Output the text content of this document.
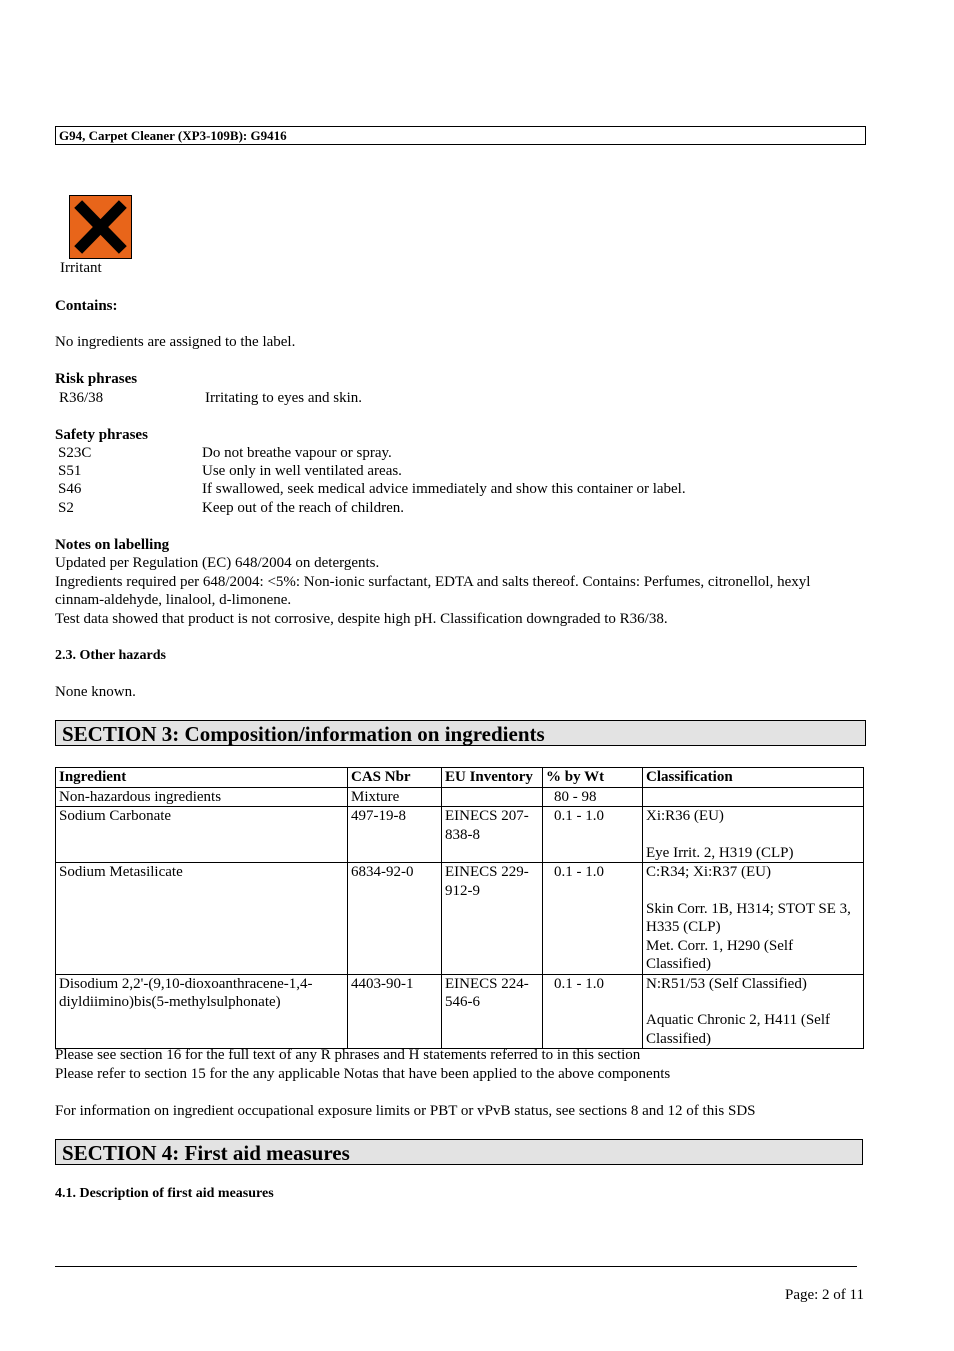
G94, Carpet Cleaner (XP3-109B): G9416
Irritant
Contains:
No ingredients are assigned to the label.
Risk phrases
R36/38	Irritating to eyes and skin.
Safety phrases
S23C	Do not breathe vapour or spray.
S51	Use only in well ventilated areas.
S46	If swallowed, seek medical advice immediately and show this container or label.
S2	Keep out of the reach of children.
Notes on labelling
Updated per Regulation (EC) 648/2004 on detergents.
Ingredients required per 648/2004: <5%: Non-ionic surfactant, EDTA and salts thereof. Contains: Perfumes, citronellol, hexyl
cinnam-aldehyde, linalool, d-limonene.
Test data showed that product is not corrosive, despite high pH. Classification downgraded to R36/38.
2.3. Other hazards
None known.
SECTION 3: Composition/information on ingredients
Ingredient	CAS Nbr	EU Inventory	% by Wt	Classification
Non-hazardous ingredients	Mixture		80 - 98	
Sodium Carbonate	497-19-8	EINECS 207-838-8	0.1 - 1.0	Xi:R36 (EU)
Eye Irrit. 2, H319 (CLP)

Sodium Metasilicate	6834-92-0	EINECS 229-912-9	0.1 - 1.0	C:R34; Xi:R37 (EU)
Skin Corr. 1B, H314; STOT SE 3, H335 (CLP)
Met. Corr. 1, H290 (Self Classified)

Disodium 2,2'-(9,10-dioxoanthracene-1,4-diyldiimino)bis(5-methylsulphonate)	4403-90-1	EINECS 224-546-6	0.1 - 1.0	N:R51/53 (Self Classified)
Aquatic Chronic 2, H411 (Self Classified)
Please see section 16 for the full text of any R phrases and H statements referred to in this section
Please refer to section 15 for the any applicable Notas that have been applied to the above components
For information on ingredient occupational exposure limits or PBT or vPvB status, see sections 8 and 12 of this SDS
SECTION 4: First aid measures
4.1. Description of first aid measures
Page: 2 of 11
